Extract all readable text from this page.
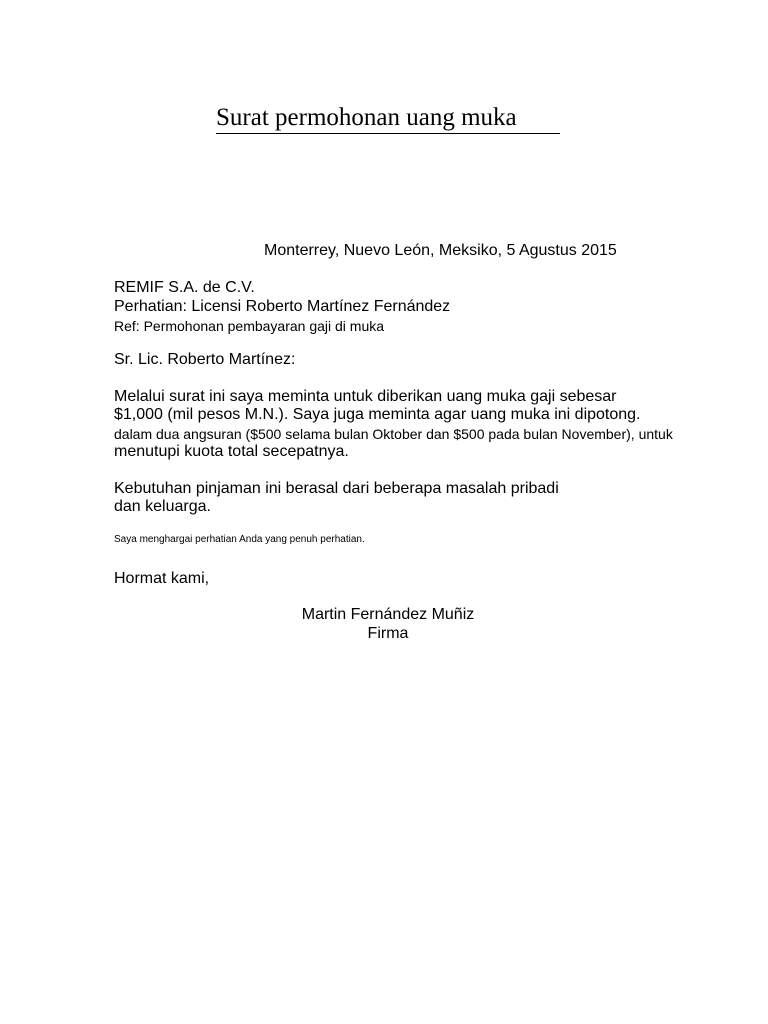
Surat permohonan uang muka
Monterrey, Nuevo León, Meksiko, 5 Agustus 2015
REMIF S.A. de C.V.
Perhatian: Licensi Roberto Martínez Fernández
Ref: Permohonan pembayaran gaji di muka
Sr. Lic. Roberto Martínez:
Melalui surat ini saya meminta untuk diberikan uang muka gaji sebesar
$1,000 (mil pesos M.N.). Saya juga meminta agar uang muka ini dipotong.
dalam dua angsuran ($500 selama bulan Oktober dan $500 pada bulan November), untuk
menutupi kuota total secepatnya.
Kebutuhan pinjaman ini berasal dari beberapa masalah pribadi
dan keluarga.
Saya menghargai perhatian Anda yang penuh perhatian.
Hormat kami,
Martin Fernández Muñiz
Firma
